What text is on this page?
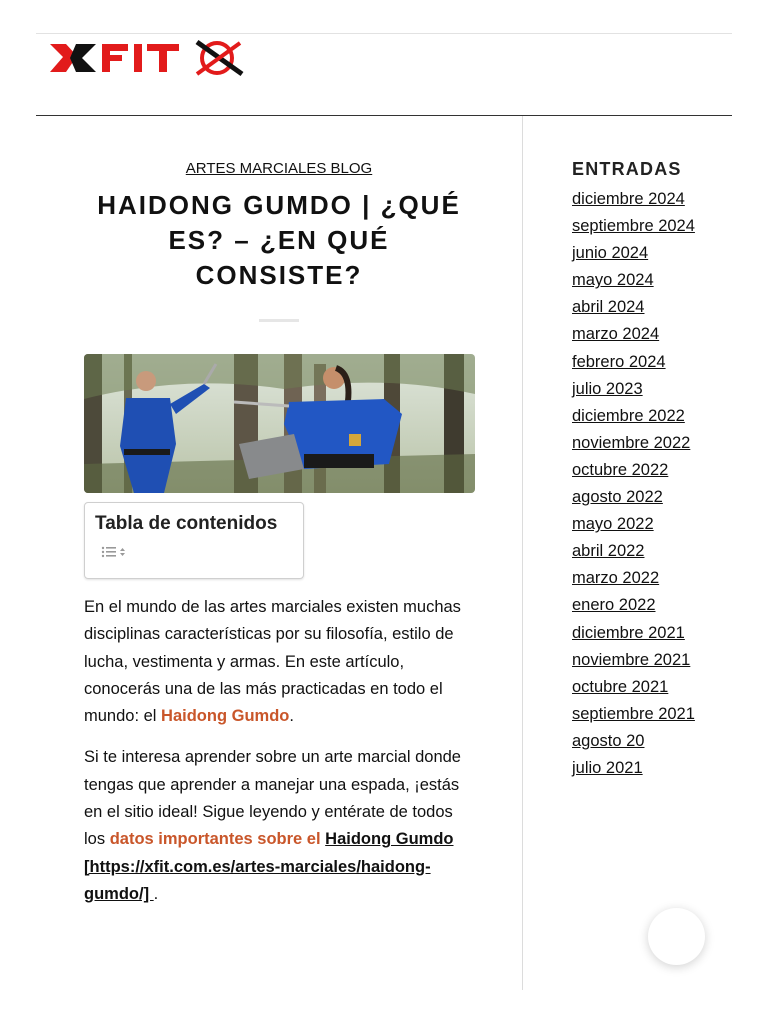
ARTES MARCIALES BLOG
HAIDONG GUMDO | ¿QUÉ ES? – ¿EN QUÉ CONSISTE?
Tabla de contenidos

En el mundo de las artes marciales existen muchas disciplinas características por su filosofía, estilo de lucha, vestimenta y armas. En este artículo, conocerás una de las más practicadas en todo el mundo: el Haidong Gumdo.

Si te interesa aprender sobre un arte marcial donde tengas que aprender a manejar una espada, ¡estás en el sitio ideal! Sigue leyendo y entérate de todos los datos importantes sobre el Haidong Gumdo [https://xfit.com.es/artes-marciales/haidong-gumdo/] .

ENTRADAS
diciembre 2024
septiembre 2024
junio 2024
mayo 2024
abril 2024
marzo 2024
febrero 2024
julio 2023
diciembre 2022
noviembre 2022
octubre 2022
agosto 2022
mayo 2022
abril 2022
marzo 2022
enero 2022
diciembre 2021
noviembre 2021
octubre 2021
septiembre 2021
agosto 20
julio 2021
